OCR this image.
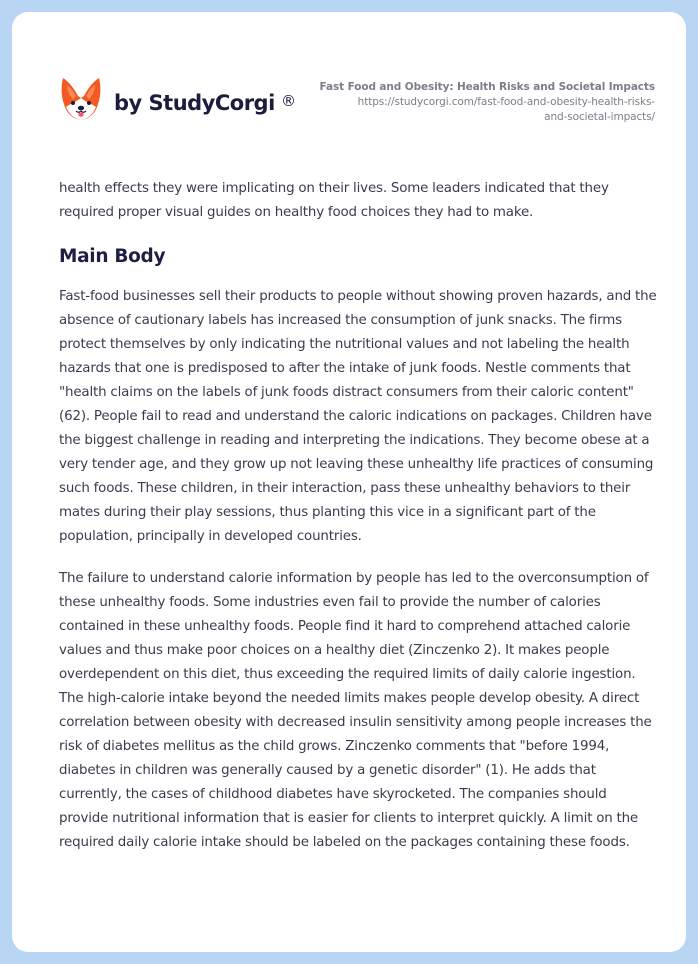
by StudyCorgi ®
Fast Food and Obesity: Health Risks and Societal Impacts
https://studycorgi.com/fast-food-and-obesity-health-risks-
and-societal-impacts/

health effects they were implicating on their lives. Some leaders indicated that they required proper visual guides on healthy food choices they had to make.

Main Body

Fast-food businesses sell their products to people without showing proven hazards, and the absence of cautionary labels has increased the consumption of junk snacks. The firms protect themselves by only indicating the nutritional values and not labeling the health hazards that one is predisposed to after the intake of junk foods. Nestle comments that "health claims on the labels of junk foods distract consumers from their caloric content" (62). People fail to read and understand the caloric indications on packages. Children have the biggest challenge in reading and interpreting the indications. They become obese at a very tender age, and they grow up not leaving these unhealthy life practices of consuming such foods. These children, in their interaction, pass these unhealthy behaviors to their mates during their play sessions, thus planting this vice in a significant part of the population, principally in developed countries.

The failure to understand calorie information by people has led to the overconsumption of these unhealthy foods. Some industries even fail to provide the number of calories contained in these unhealthy foods. People find it hard to comprehend attached calorie values and thus make poor choices on a healthy diet (Zinczenko 2). It makes people overdependent on this diet, thus exceeding the required limits of daily calorie ingestion. The high-calorie intake beyond the needed limits makes people develop obesity. A direct correlation between obesity with decreased insulin sensitivity among people increases the risk of diabetes mellitus as the child grows. Zinczenko comments that "before 1994, diabetes in children was generally caused by a genetic disorder" (1). He adds that currently, the cases of childhood diabetes have skyrocketed. The companies should provide nutritional information that is easier for clients to interpret quickly. A limit on the required daily calorie intake should be labeled on the packages containing these foods.
